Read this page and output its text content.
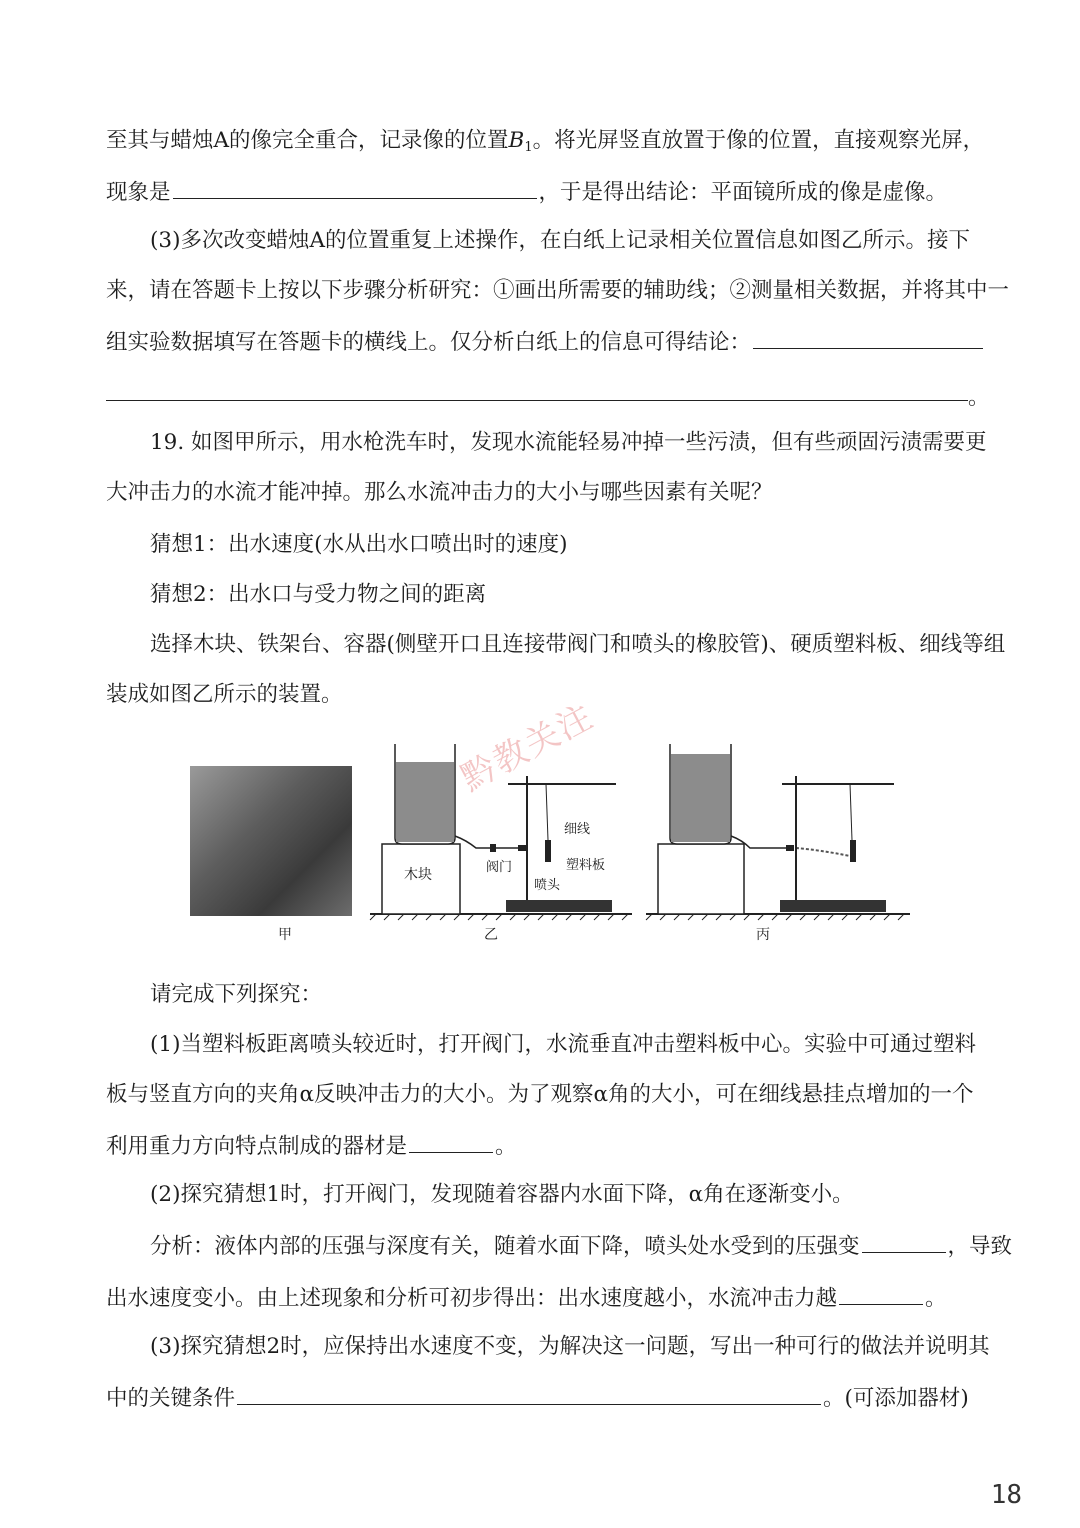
至其与蜡烛A的像完全重合，记录像的位置$B_1$。将光屏竖直放置于像的位置，直接观察光屏，
现象是	，于是得出结论：平面镜所成的像是虚像。
(3)多次改变蜡烛A的位置重复上述操作，在白纸上记录相关位置信息如图乙所示。接下
来，请在答题卡上按以下步骤分析研究：①画出所需要的辅助线；②测量相关数据，并将其中一
组实验数据填写在答题卡的横线上。仅分析白纸上的信息可得结论：
。
19. 如图甲所示，用水枪洗车时，发现水流能轻易冲掉一些污渍，但有些顽固污渍需要更
大冲击力的水流才能冲掉。那么水流冲击力的大小与哪些因素有关呢？
猜想1：出水速度(水从出水口喷出时的速度)
猜想2：出水口与受力物之间的距离
选择木块、铁架台、容器(侧壁开口且连接带阀门和喷头的橡胶管)、硬质塑料板、细线等组
装成如图乙所示的装置。
木块	阀门
细线
塑料板
喷头
甲	乙	丙
黔教关注
请完成下列探究：
(1)当塑料板距离喷头较近时，打开阀门，水流垂直冲击塑料板中心。实验中可通过塑料
板与竖直方向的夹角α反映冲击力的大小。为了观察α角的大小，可在细线悬挂点增加的一个
利用重力方向特点制成的器材是	。
(2)探究猜想1时，打开阀门，发现随着容器内水面下降，α角在逐渐变小。
分析：液体内部的压强与深度有关，随着水面下降，喷头处水受到的压强变	，导致
出水速度变小。由上述现象和分析可初步得出：出水速度越小，水流冲击力越	。
(3)探究猜想2时，应保持出水速度不变，为解决这一问题，写出一种可行的做法并说明其
中的关键条件	。(可添加器材)
18
